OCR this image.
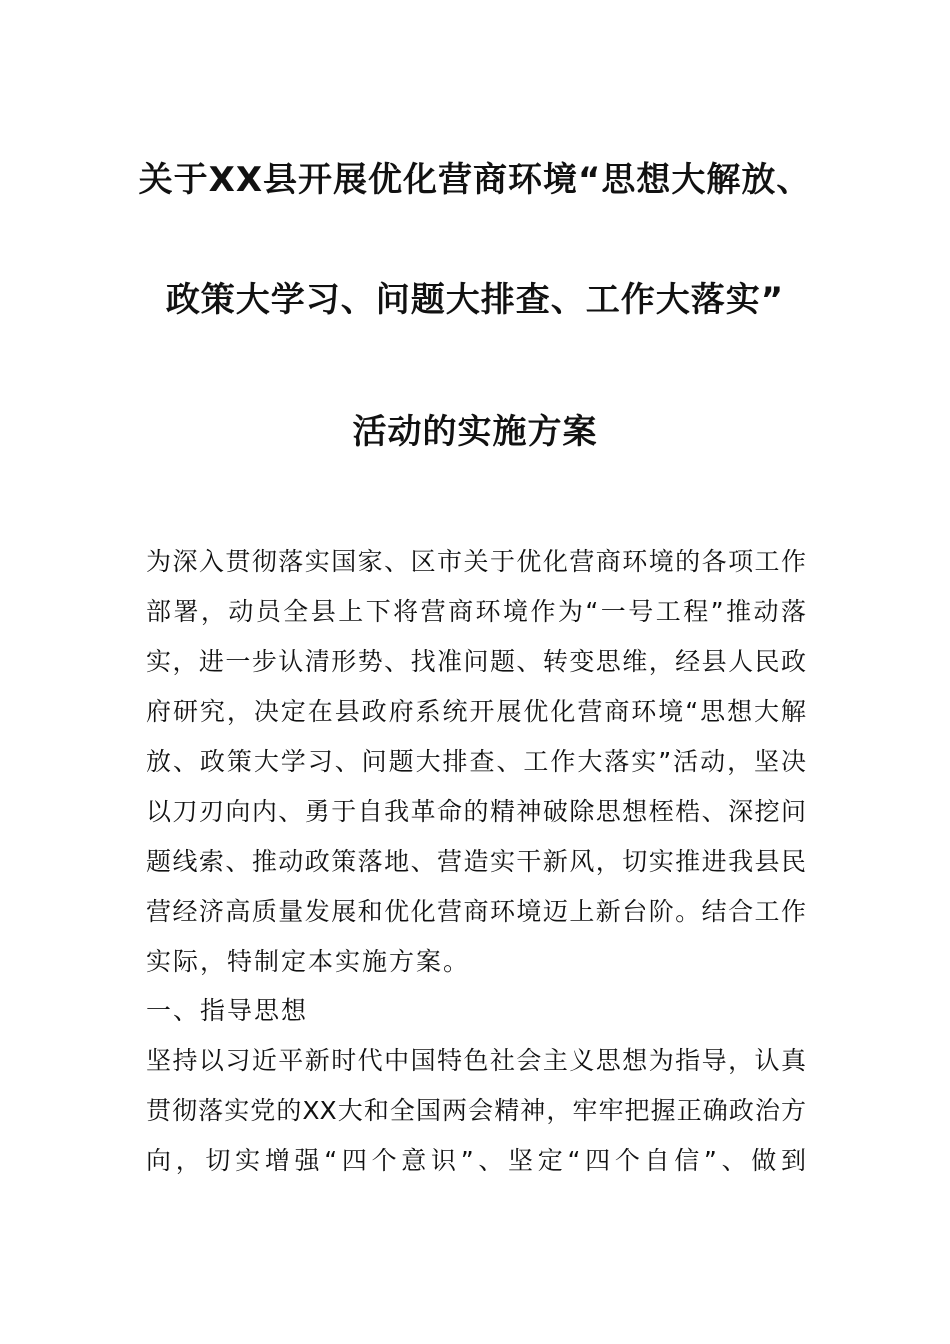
关于XX县开展优化营商环境“思想大解放、
政策大学习、问题大排查、工作大落实”
活动的实施方案
为深入贯彻落实国家、区市关于优化营商环境的各项工作
部署，动员全县上下将营商环境作为“一号工程”推动落
实，进一步认清形势、找准问题、转变思维，经县人民政
府研究，决定在县政府系统开展优化营商环境“思想大解
放、政策大学习、问题大排查、工作大落实”活动，坚决
以刀刃向内、勇于自我革命的精神破除思想桎梏、深挖问
题线索、推动政策落地、营造实干新风，切实推进我县民
营经济高质量发展和优化营商环境迈上新台阶。结合工作
实际，特制定本实施方案。
一、指导思想
坚持以习近平新时代中国特色社会主义思想为指导，认真
贯彻落实党的XX大和全国两会精神，牢牢把握正确政治方
向，切实增强“四个意识”、坚定“四个自信”、做到
